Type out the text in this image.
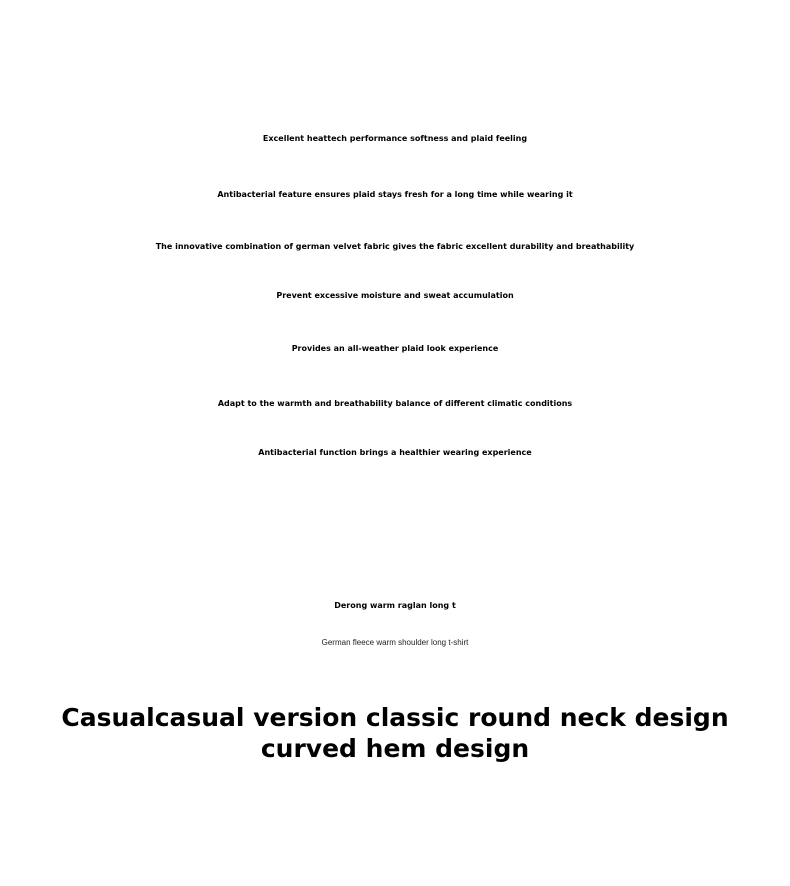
Excellent heattech performance softness and plaid feeling

Antibacterial feature ensures plaid stays fresh for a long time while wearing it

The innovative combination of german velvet fabric gives the fabric excellent durability and breathability

Prevent excessive moisture and sweat accumulation

Provides an all-weather plaid look experience

Adapt to the warmth and breathability balance of different climatic conditions

Antibacterial function brings a healthier wearing experience

Derong warm raglan long t

German fleece warm shoulder long t-shirt

Casualcasual version classic round neck design curved hem design
